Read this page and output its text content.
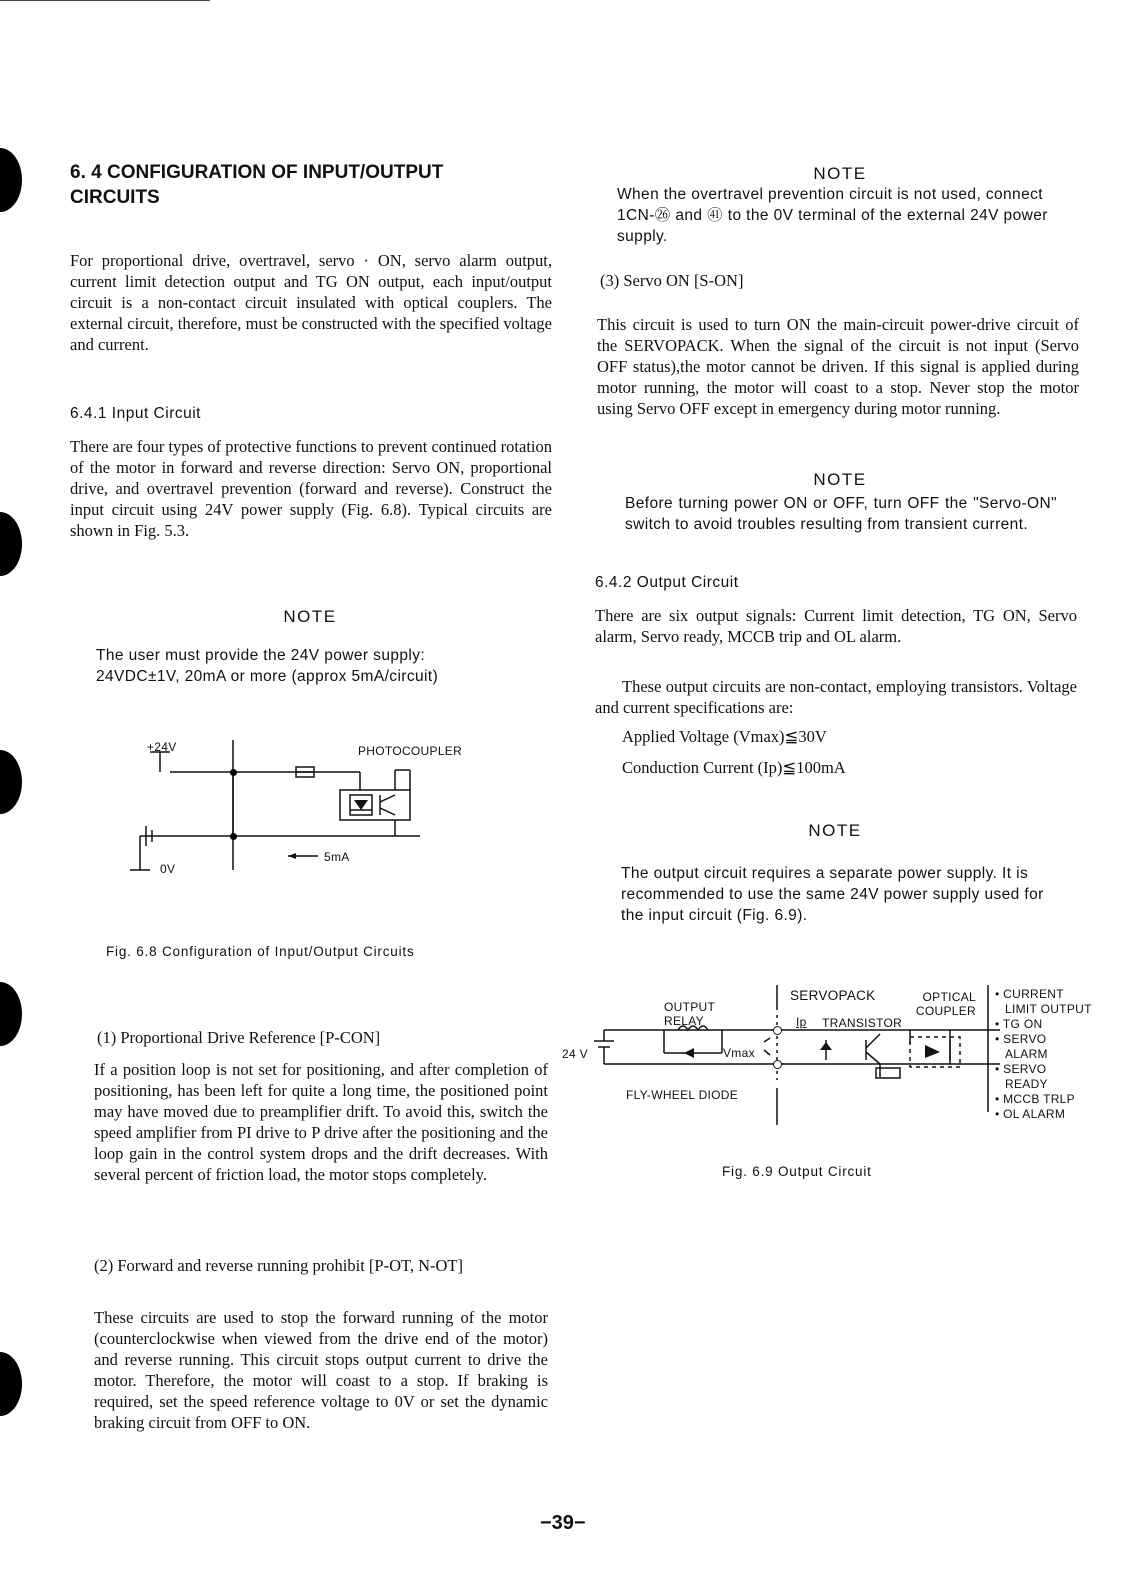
6. 4 CONFIGURATION OF INPUT/OUTPUT
CIRCUITS

For proportional drive, overtravel, servo · ON, servo alarm output, current limit detection output and TG ON output, each input/output circuit is a non-contact circuit insulated with optical couplers. The external circuit, therefore, must be constructed with the specified voltage and current.

6.4.1 Input Circuit

There are four types of protective functions to prevent continued rotation of the motor in forward and reverse direction: Servo ON, proportional drive, and overtravel prevention (forward and reverse). Construct the input circuit using 24V power supply (Fig. 6.8). Typical circuits are shown in Fig. 5.3.

NOTE
The user must provide the 24V power supply:
24VDC±1V, 20mA or more (approx 5mA/circuit)
+24V
0V
PHOTOCOUPLER
5mA
Fig. 6.8 Configuration of Input/Output Circuits
(1) Proportional Drive Reference [P-CON]

If a position loop is not set for positioning, and after completion of positioning, has been left for quite a long time, the positioned point may have moved due to preamplifier drift. To avoid this, switch the speed amplifier from PI drive to P drive after the positioning and the loop gain in the control system drops and the drift decreases. With several percent of friction load, the motor stops completely.

(2) Forward and reverse running prohibit [P-OT, N-OT]

These circuits are used to stop the forward running of the motor (counterclockwise when viewed from the drive end of the motor) and reverse running. This circuit stops output current to drive the motor. Therefore, the motor will coast to a stop. If braking is required, set the speed reference voltage to 0V or set the dynamic braking circuit from OFF to ON.

NOTE

When the overtravel prevention circuit is not used, connect 1CN-㉖ and ㊶ to the 0V terminal of the external 24V power supply.

(3) Servo ON [S-ON]

This circuit is used to turn ON the main-circuit power-drive circuit of the SERVOPACK. When the signal of the circuit is not input (Servo OFF status),the motor cannot be driven. If this signal is applied during motor running, the motor will coast to a stop. Never stop the motor using Servo OFF except in emergency during motor running.

NOTE

Before turning power ON or OFF, turn OFF the "Servo-ON" switch to avoid troubles resulting from transient current.

6.4.2 Output Circuit

There are six output signals: Current limit detection, TG ON, Servo alarm, Servo ready, MCCB trip and OL alarm.

These output circuits are non-contact, employing transistors. Voltage and current specifications are:

Applied Voltage (Vmax)≦30V
Conduction Current (Ip)≦100mA
NOTE

The output circuit requires a separate power supply. It is recommended to use the same 24V power supply used for the input circuit (Fig. 6.9).

SERVOPACK	OPTICAL
COUPLER
OUTPUT
RELAY	Ip TRANSISTOR
24 V	Vmax
FLY-WHEEL DIODE

• CURRENT

LIMIT OUTPUT

• TG ON

• SERVO

ALARM

• SERVO

READY

• MCCB TRLP

• OL ALARM

Fig. 6.9 Output Circuit
−39−
